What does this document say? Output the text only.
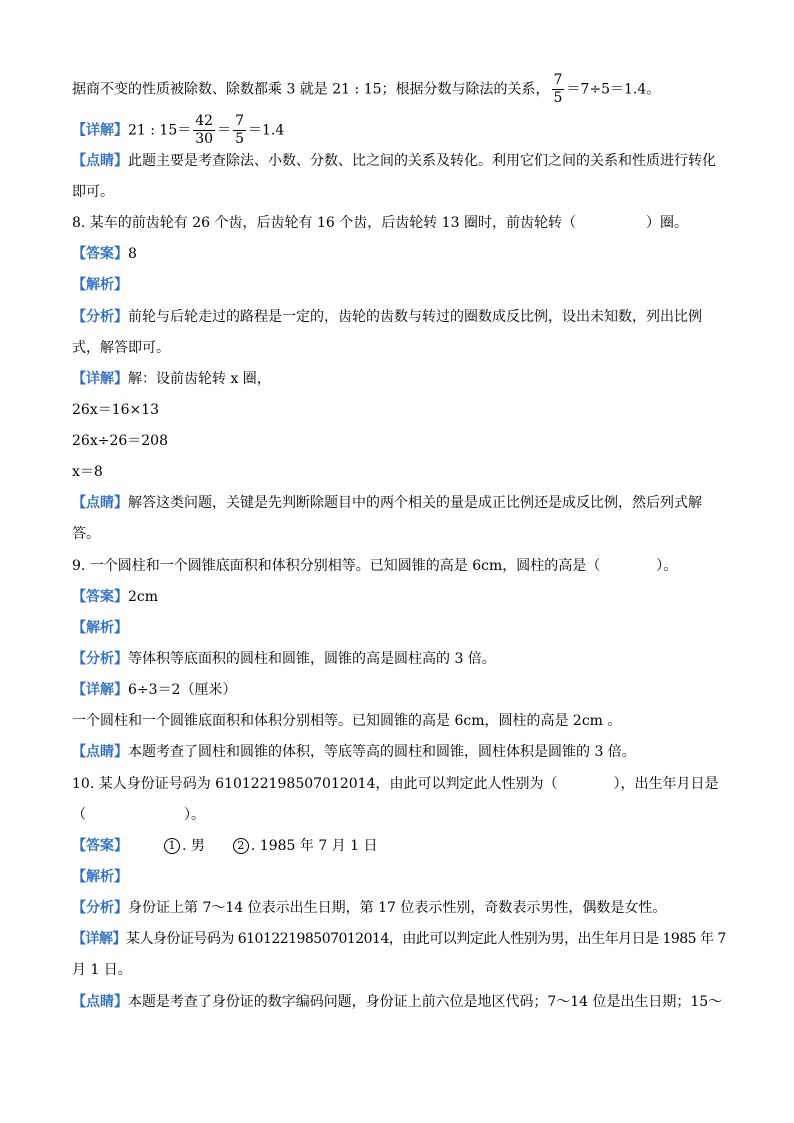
据商不变的性质被除数、除数都乘 3 就是 21 : 15；根据分数与除法的关系， $\frac{7}{5} =7\div 5=1.4$。
【详解】21 : $15= \frac{42}{30} = \frac{7}{5} =1.4$
【点睛】此题主要是考查除法、小数、分数、比之间的关系及转化。利用它们之间的关系和性质进行转化
即可。
8. 某车的前齿轮有 26 个齿，后齿轮有 16 个齿，后齿轮转 13 圈时，前齿轮转（　　　　　）圈。
【答案】8
【解析】
【分析】前轮与后轮走过的路程是一定的，齿轮的齿数与转过的圈数成反比例，设出未知数，列出比例
式，解答即可。
【详解】解：设前齿轮转 x 圈，
26x＝16×13
26x÷26＝208
x＝8
【点睛】解答这类问题，关键是先判断除题目中的两个相关的量是成正比例还是成反比例，然后列式解
答。
9. 一个圆柱和一个圆锥底面积和体积分别相等。已知圆锥的高是 6cm，圆柱的高是（　　　　）。
【答案】2cm
【解析】
【分析】等体积等底面积的圆柱和圆锥，圆锥的高是圆柱高的 3 倍。
【详解】6÷3＝2（厘米）
一个圆柱和一个圆锥底面积和体积分别相等。已知圆锥的高是 6cm，圆柱的高是 2cm 。
【点睛】本题考查了圆柱和圆锥的体积，等底等高的圆柱和圆锥，圆柱体积是圆锥的 3 倍。
10. 某人身份证号码为 610122198507012014，由此可以判定此人性别为（　　　　），出生年月日是
（　　　　　　　）。
【答案】	1 . 男	2 . 1985 年 7 月 1 日
【解析】
【分析】身份证上第 7～14 位表示出生日期，第 17 位表示性别，奇数表示男性，偶数是女性。
【详解】某人身份证号码为 610122198507012014，由此可以判定此人性别为男，出生年月日是 1985 年 7
月 1 日。
【点睛】本题是考查了身份证的数字编码问题，身份证上前六位是地区代码；7～14 位是出生日期；15～
